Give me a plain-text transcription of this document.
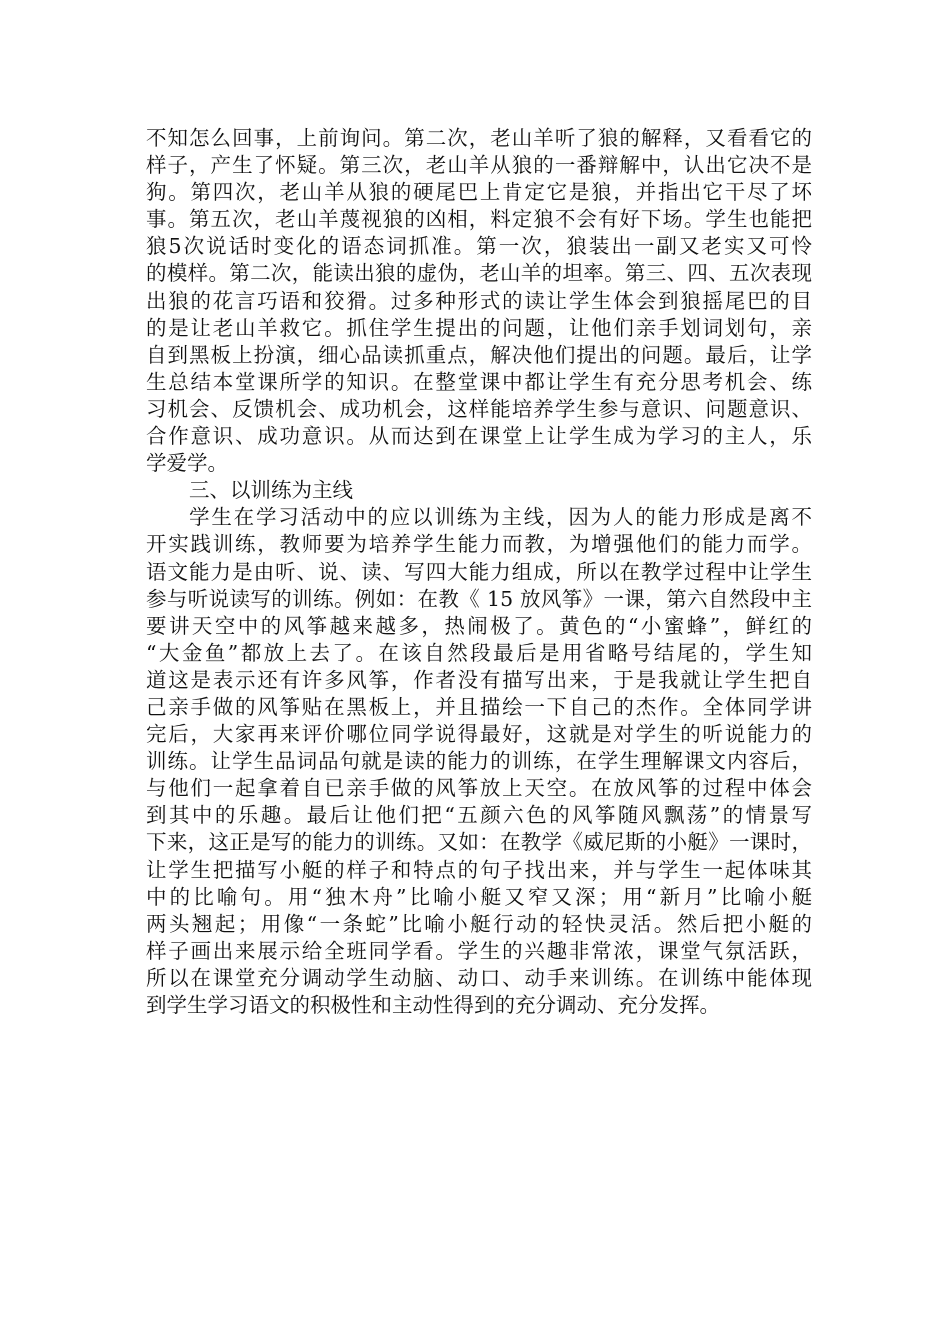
不知怎么回事，上前询问。第二次，老山羊听了狼的解释，又看看它的
样子，产生了怀疑。第三次，老山羊从狼的一番辩解中，认出它决不是
狗。第四次，老山羊从狼的硬尾巴上肯定它是狼，并指出它干尽了坏
事。第五次，老山羊蔑视狼的凶相，料定狼不会有好下场。学生也能把
狼5次说话时变化的语态词抓准。第一次，狼装出一副又老实又可怜
的模样。第二次，能读出狼的虚伪，老山羊的坦率。第三、四、五次表现
出狼的花言巧语和狡猾。过多种形式的读让学生体会到狼摇尾巴的目
的是让老山羊救它。抓住学生提出的问题，让他们亲手划词划句，亲
自到黑板上扮演，细心品读抓重点，解决他们提出的问题。最后，让学
生总结本堂课所学的知识。在整堂课中都让学生有充分思考机会、练
习机会、反馈机会、成功机会，这样能培养学生参与意识、问题意识、
合作意识、成功意识。从而达到在课堂上让学生成为学习的主人，乐
学爱学。
三、以训练为主线
学生在学习活动中的应以训练为主线，因为人的能力形成是离不
开实践训练，教师要为培养学生能力而教，为增强他们的能力而学。
语文能力是由听、说、读、写四大能力组成，所以在教学过程中让学生
参与听说读写的训练。例如：在教《 15 放风筝》一课，第六自然段中主
要讲天空中的风筝越来越多，热闹极了。黄色的“小蜜蜂”，鲜红的
“大金鱼”都放上去了。在该自然段最后是用省略号结尾的，学生知
道这是表示还有许多风筝，作者没有描写出来，于是我就让学生把自
己亲手做的风筝贴在黑板上，并且描绘一下自己的杰作。全体同学讲
完后，大家再来评价哪位同学说得最好，这就是对学生的听说能力的
训练。让学生品词品句就是读的能力的训练，在学生理解课文内容后，
与他们一起拿着自已亲手做的风筝放上天空。在放风筝的过程中体会
到其中的乐趣。最后让他们把“五颜六色的风筝随风飘荡”的情景写
下来，这正是写的能力的训练。又如：在教学《威尼斯的小艇》一课时，
让学生把描写小艇的样子和特点的句子找出来，并与学生一起体味其
中的比喻句。用“独木舟”比喻小艇又窄又深；用“新月”比喻小艇
两头翘起；用像“一条蛇”比喻小艇行动的轻快灵活。然后把小艇的
样子画出来展示给全班同学看。学生的兴趣非常浓，课堂气氛活跃，
所以在课堂充分调动学生动脑、动口、动手来训练。在训练中能体现
到学生学习语文的积极性和主动性得到的充分调动、充分发挥。
